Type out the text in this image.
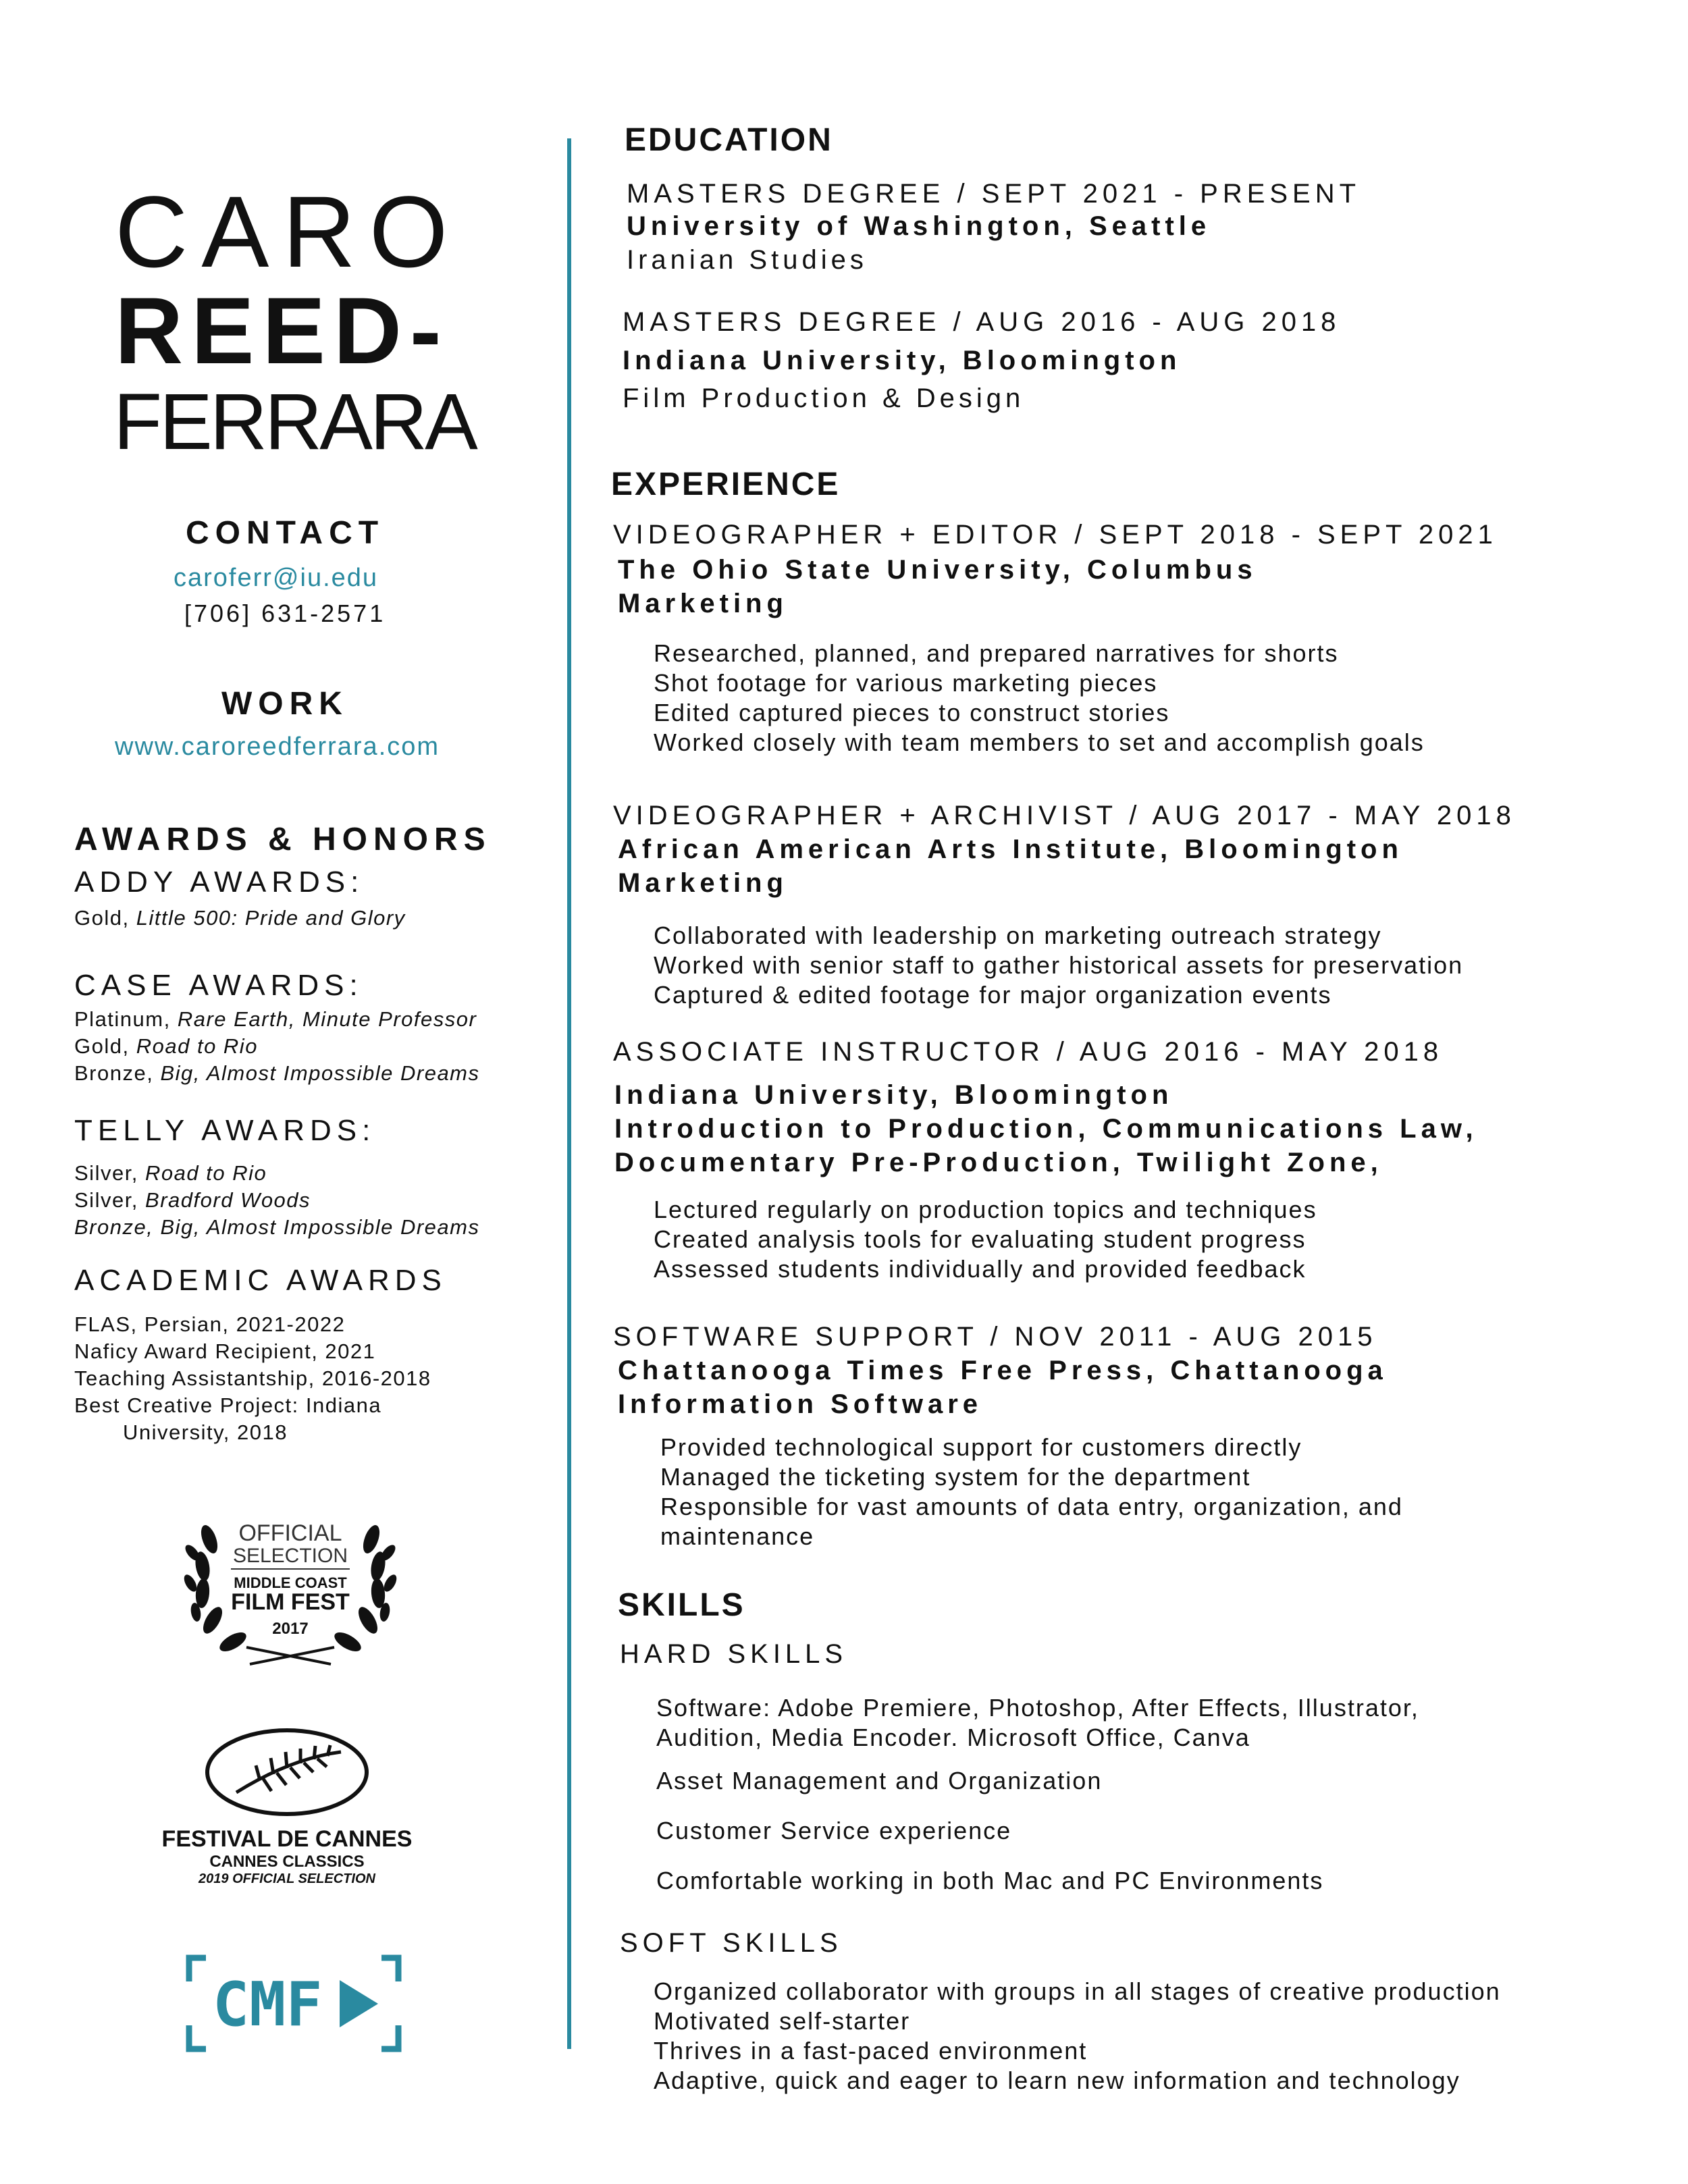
CARO
REED-
FERRARA
CONTACT
caroferr@iu.edu
[706] 631-2571
WORK
www.caroreedferrara.com
AWARDS & HONORS
ADDY AWARDS:
Gold, Little 500: Pride and Glory
CASE AWARDS:
Platinum, Rare Earth, Minute Professor
Gold, Road to Rio
Bronze, Big, Almost Impossible Dreams
TELLY AWARDS:
Silver, Road to Rio
Silver, Bradford Woods
Bronze, Big, Almost Impossible Dreams
ACADEMIC AWARDS
FLAS, Persian, 2021-2022
Naficy Award Recipient, 2021
Teaching Assistantship, 2016-2018
Best Creative Project: Indiana
University, 2018
OFFICIAL
SELECTION
MIDDLE COAST
FILM FEST
2017
FESTIVAL DE CANNES
CANNES CLASSICS
2019 OFFICIAL SELECTION
CMF
EDUCATION
MASTERS DEGREE / SEPT 2021 - PRESENT
University of Washington, Seattle
Iranian Studies
MASTERS DEGREE / AUG 2016 - AUG 2018
Indiana University, Bloomington
Film Production & Design
EXPERIENCE
VIDEOGRAPHER + EDITOR / SEPT 2018 - SEPT 2021
The Ohio State University, Columbus
Marketing
Researched, planned, and prepared narratives for shorts
Shot footage for various marketing pieces
Edited captured pieces to construct stories
Worked closely with team members to set and accomplish goals
VIDEOGRAPHER + ARCHIVIST / AUG 2017 - MAY 2018
African American Arts Institute, Bloomington
Marketing
Collaborated with leadership on marketing outreach strategy
Worked with senior staff to gather historical assets for preservation
Captured & edited footage for major organization events
ASSOCIATE INSTRUCTOR / AUG 2016 - MAY 2018
Indiana University, Bloomington
Introduction to Production, Communications Law,
Documentary Pre-Production, Twilight Zone,
Lectured regularly on production topics and techniques
Created analysis tools for evaluating student progress
Assessed students individually and provided feedback
SOFTWARE SUPPORT / NOV 2011 - AUG 2015
Chattanooga Times Free Press, Chattanooga
Information Software
Provided technological support for customers directly
Managed the ticketing system for the department
Responsible for vast amounts of data entry, organization, and
maintenance
SKILLS
HARD SKILLS
Software: Adobe Premiere, Photoshop, After Effects, Illustrator,
Audition, Media Encoder. Microsoft Office, Canva
Asset Management and Organization
Customer Service experience
Comfortable working in both Mac and PC Environments
SOFT SKILLS
Organized collaborator with groups in all stages of creative production
Motivated self-starter
Thrives in a fast-paced environment
Adaptive, quick and eager to learn new information and technology
